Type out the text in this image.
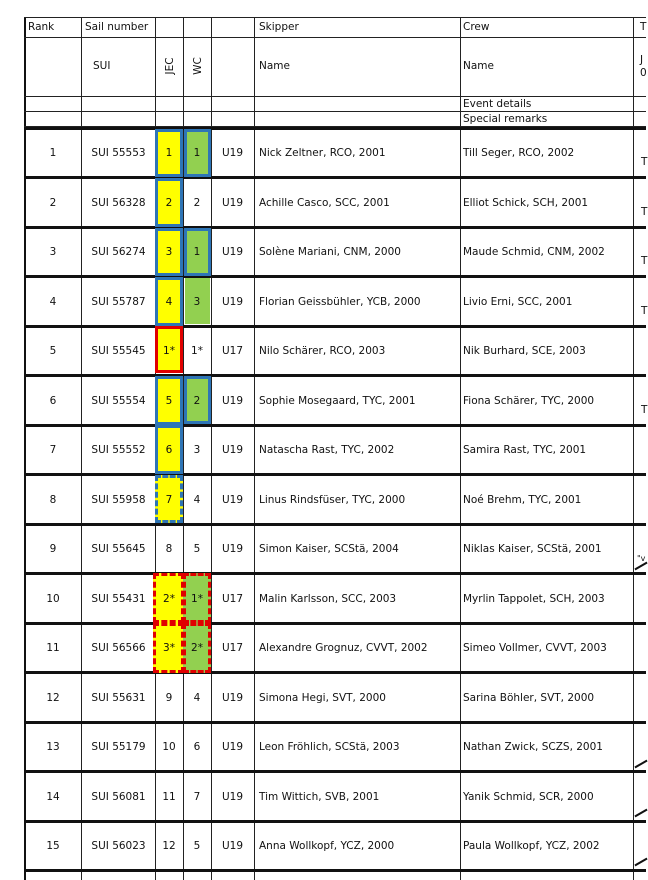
Rank	Sail number	Skipper	Crew	T
SUI	JEC WC	Name	Name	J
0
Event details
Special remarks
1	SUI 55553	1	1	U19	Nick Zeltner, RCO, 2001	Till Seger, RCO, 2002
T
2	SUI 56328	2	2	U19	Achille Casco, SCC, 2001	Elliot Schick, SCH, 2001
T
3	SUI 56274	3	1	U19	Solène Mariani, CNM, 2000	Maude Schmid, CNM, 2002
T
4	SUI 55787	4	3	U19	Florian Geissbühler, YCB, 2000	Livio Erni, SCC, 2001
T
5	SUI 55545	1*	1*	U17	Nilo Schärer, RCO, 2003	Nik Burhard, SCE, 2003
6	SUI 55554	5	2	U19	Sophie Mosegaard, TYC, 2001	Fiona Schärer, TYC, 2000
T
7	SUI 55552	6	3	U19	Natascha Rast, TYC, 2002	Samira Rast, TYC, 2001
8	SUI 55958	7	4	U19	Linus Rindsfüser, TYC, 2000	Noé Brehm, TYC, 2001
9	SUI 55645	8	5	U19	Simon Kaiser, SCStä, 2004	Niklas Kaiser, SCStä, 2001
"v
10	SUI 55431	2*	1*	U17	Malin Karlsson, SCC, 2003	Myrlin Tappolet, SCH, 2003
11	SUI 56566	3*	2*	U17	Alexandre Grognuz, CVVT, 2002	Simeo Vollmer, CVVT, 2003
12	SUI 55631	9	4	U19	Simona Hegi, SVT, 2000	Sarina Böhler, SVT, 2000
13	SUI 55179	10	6	U19	Leon Fröhlich, SCStä, 2003	Nathan Zwick, SCZS, 2001
14	SUI 56081	11	7	U19	Tim Wittich, SVB, 2001	Yanik Schmid, SCR, 2000
15	SUI 56023	12	5	U19	Anna Wollkopf, YCZ, 2000	Paula Wollkopf, YCZ, 2002
